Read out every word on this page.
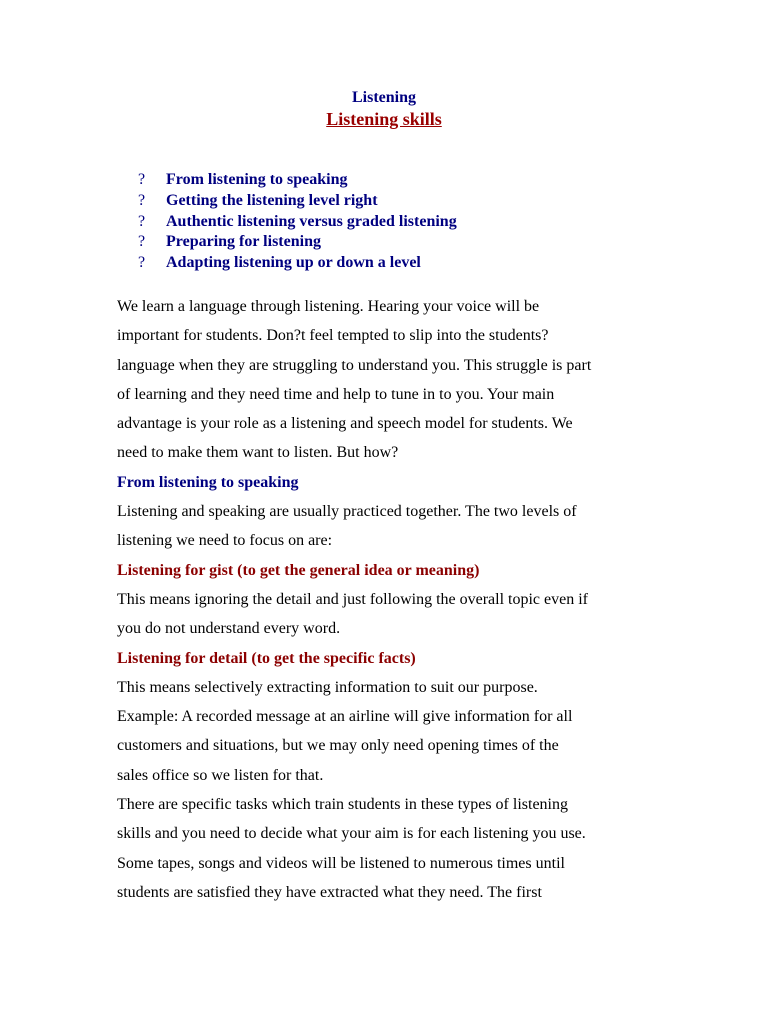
Listening
Listening skills
?	From listening to speaking
?	Getting the listening level right
?	Authentic listening versus graded listening
?	Preparing for listening
?	Adapting listening up or down a level

We learn a language through listening. Hearing your voice will be

important for students. Don?t feel tempted to slip into the students?

language when they are struggling to understand you. This struggle is part

of learning and they need time and help to tune in to you. Your main

advantage is your role as a listening and speech model for students. We

need to make them want to listen. But how?

From listening to speaking

Listening and speaking are usually practiced together. The two levels of

listening we need to focus on are:

Listening for gist (to get the general idea or meaning)

This means ignoring the detail and just following the overall topic even if

you do not understand every word.

Listening for detail (to get the specific facts)

This means selectively extracting information to suit our purpose.

Example: A recorded message at an airline will give information for all

customers and situations, but we may only need opening times of the

sales office so we listen for that.

There are specific tasks which train students in these types of listening

skills and you need to decide what your aim is for each listening you use.

Some tapes, songs and videos will be listened to numerous times until

students are satisfied they have extracted what they need. The first
